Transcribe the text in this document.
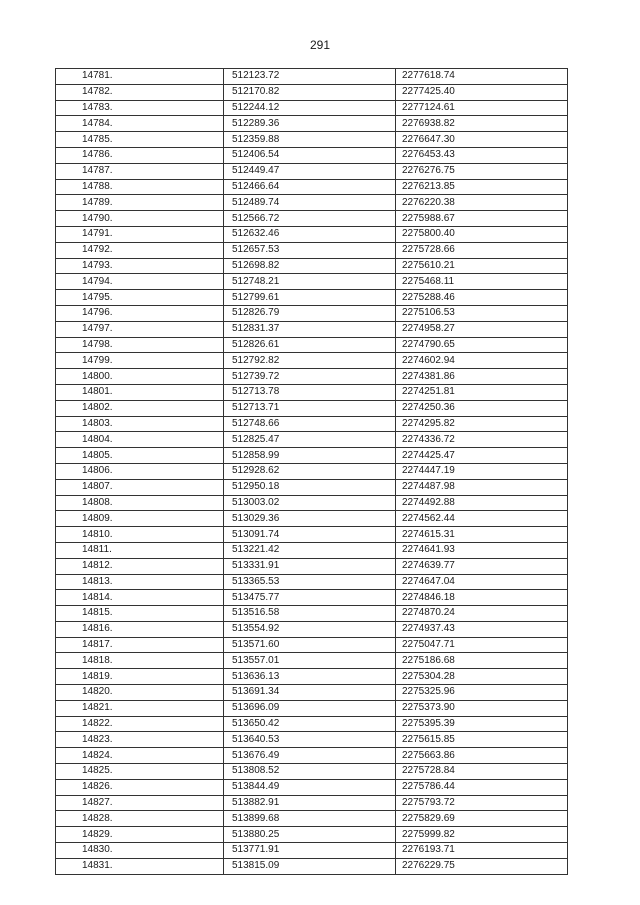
291
14781.	512123.72	2277618.74
14782.	512170.82	2277425.40
14783.	512244.12	2277124.61
14784.	512289.36	2276938.82
14785.	512359.88	2276647.30
14786.	512406.54	2276453.43
14787.	512449.47	2276276.75
14788.	512466.64	2276213.85
14789.	512489.74	2276220.38
14790.	512566.72	2275988.67
14791.	512632.46	2275800.40
14792.	512657.53	2275728.66
14793.	512698.82	2275610.21
14794.	512748.21	2275468.11
14795.	512799.61	2275288.46
14796.	512826.79	2275106.53
14797.	512831.37	2274958.27
14798.	512826.61	2274790.65
14799.	512792.82	2274602.94
14800.	512739.72	2274381.86
14801.	512713.78	2274251.81
14802.	512713.71	2274250.36
14803.	512748.66	2274295.82
14804.	512825.47	2274336.72
14805.	512858.99	2274425.47
14806.	512928.62	2274447.19
14807.	512950.18	2274487.98
14808.	513003.02	2274492.88
14809.	513029.36	2274562.44
14810.	513091.74	2274615.31
14811.	513221.42	2274641.93
14812.	513331.91	2274639.77
14813.	513365.53	2274647.04
14814.	513475.77	2274846.18
14815.	513516.58	2274870.24
14816.	513554.92	2274937.43
14817.	513571.60	2275047.71
14818.	513557.01	2275186.68
14819.	513636.13	2275304.28
14820.	513691.34	2275325.96
14821.	513696.09	2275373.90
14822.	513650.42	2275395.39
14823.	513640.53	2275615.85
14824.	513676.49	2275663.86
14825.	513808.52	2275728.84
14826.	513844.49	2275786.44
14827.	513882.91	2275793.72
14828.	513899.68	2275829.69
14829.	513880.25	2275999.82
14830.	513771.91	2276193.71
14831.	513815.09	2276229.75
